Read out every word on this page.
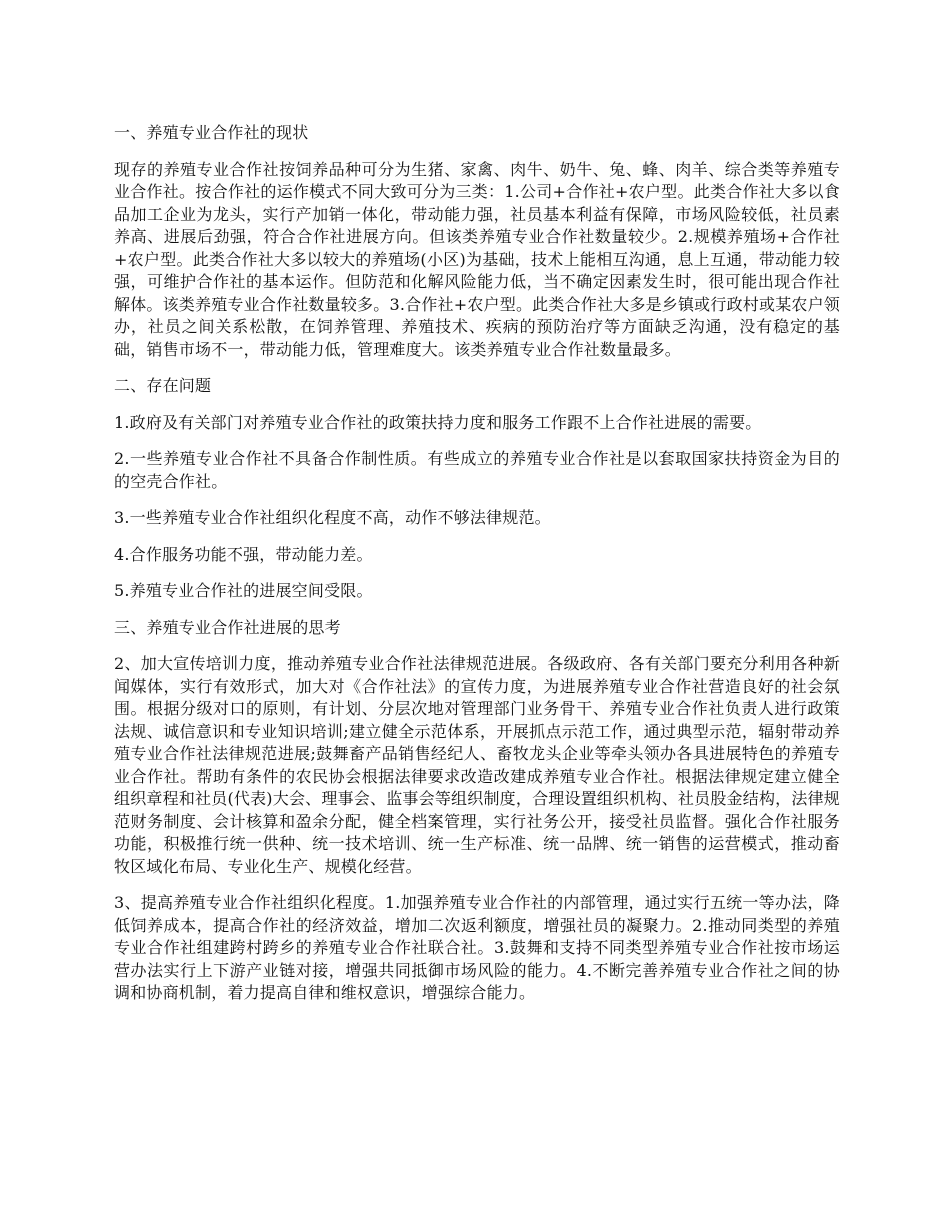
一、养殖专业合作社的现状
现存的养殖专业合作社按饲养品种可分为生猪、家禽、肉牛、奶牛、兔、蜂、肉羊、综合类等养殖专业合作社。按合作社的运作模式不同大致可分为三类：1.公司+合作社+农户型。此类合作社大多以食品加工企业为龙头，实行产加销一体化，带动能力强，社员基本利益有保障，市场风险较低，社员素养高、进展后劲强，符合合作社进展方向。但该类养殖专业合作社数量较少。2.规模养殖场+合作社+农户型。此类合作社大多以较大的养殖场(小区)为基础，技术上能相互沟通，息上互通，带动能力较强，可维护合作社的基本运作。但防范和化解风险能力低，当不确定因素发生时，很可能出现合作社解体。该类养殖专业合作社数量较多。3.合作社+农户型。此类合作社大多是乡镇或行政村或某农户领办，社员之间关系松散，在饲养管理、养殖技术、疾病的预防治疗等方面缺乏沟通，没有稳定的基础，销售市场不一，带动能力低，管理难度大。该类养殖专业合作社数量最多。
二、存在问题
1.政府及有关部门对养殖专业合作社的政策扶持力度和服务工作跟不上合作社进展的需要。
2.一些养殖专业合作社不具备合作制性质。有些成立的养殖专业合作社是以套取国家扶持资金为目的的空壳合作社。
3.一些养殖专业合作社组织化程度不高，动作不够法律规范。
4.合作服务功能不强，带动能力差。
5.养殖专业合作社的进展空间受限。
三、养殖专业合作社进展的思考
2、加大宣传培训力度，推动养殖专业合作社法律规范进展。各级政府、各有关部门要充分利用各种新闻媒体，实行有效形式，加大对《合作社法》的宣传力度，为进展养殖专业合作社营造良好的社会氛围。根据分级对口的原则，有计划、分层次地对管理部门业务骨干、养殖专业合作社负责人进行政策法规、诚信意识和专业知识培训;建立健全示范体系，开展抓点示范工作，通过典型示范，辐射带动养殖专业合作社法律规范进展;鼓舞畜产品销售经纪人、畜牧龙头企业等牵头领办各具进展特色的养殖专业合作社。帮助有条件的农民协会根据法律要求改造改建成养殖专业合作社。根据法律规定建立健全组织章程和社员(代表)大会、理事会、监事会等组织制度，合理设置组织机构、社员股金结构，法律规范财务制度、会计核算和盈余分配，健全档案管理，实行社务公开，接受社员监督。强化合作社服务功能，积极推行统一供种、统一技术培训、统一生产标准、统一品牌、统一销售的运营模式，推动畜牧区域化布局、专业化生产、规模化经营。
3、提高养殖专业合作社组织化程度。1.加强养殖专业合作社的内部管理，通过实行五统一等办法，降低饲养成本，提高合作社的经济效益，增加二次返利额度，增强社员的凝聚力。2.推动同类型的养殖专业合作社组建跨村跨乡的养殖专业合作社联合社。3.鼓舞和支持不同类型养殖专业合作社按市场运营办法实行上下游产业链对接，增强共同抵御市场风险的能力。4.不断完善养殖专业合作社之间的协调和协商机制，着力提高自律和维权意识，增强综合能力。
